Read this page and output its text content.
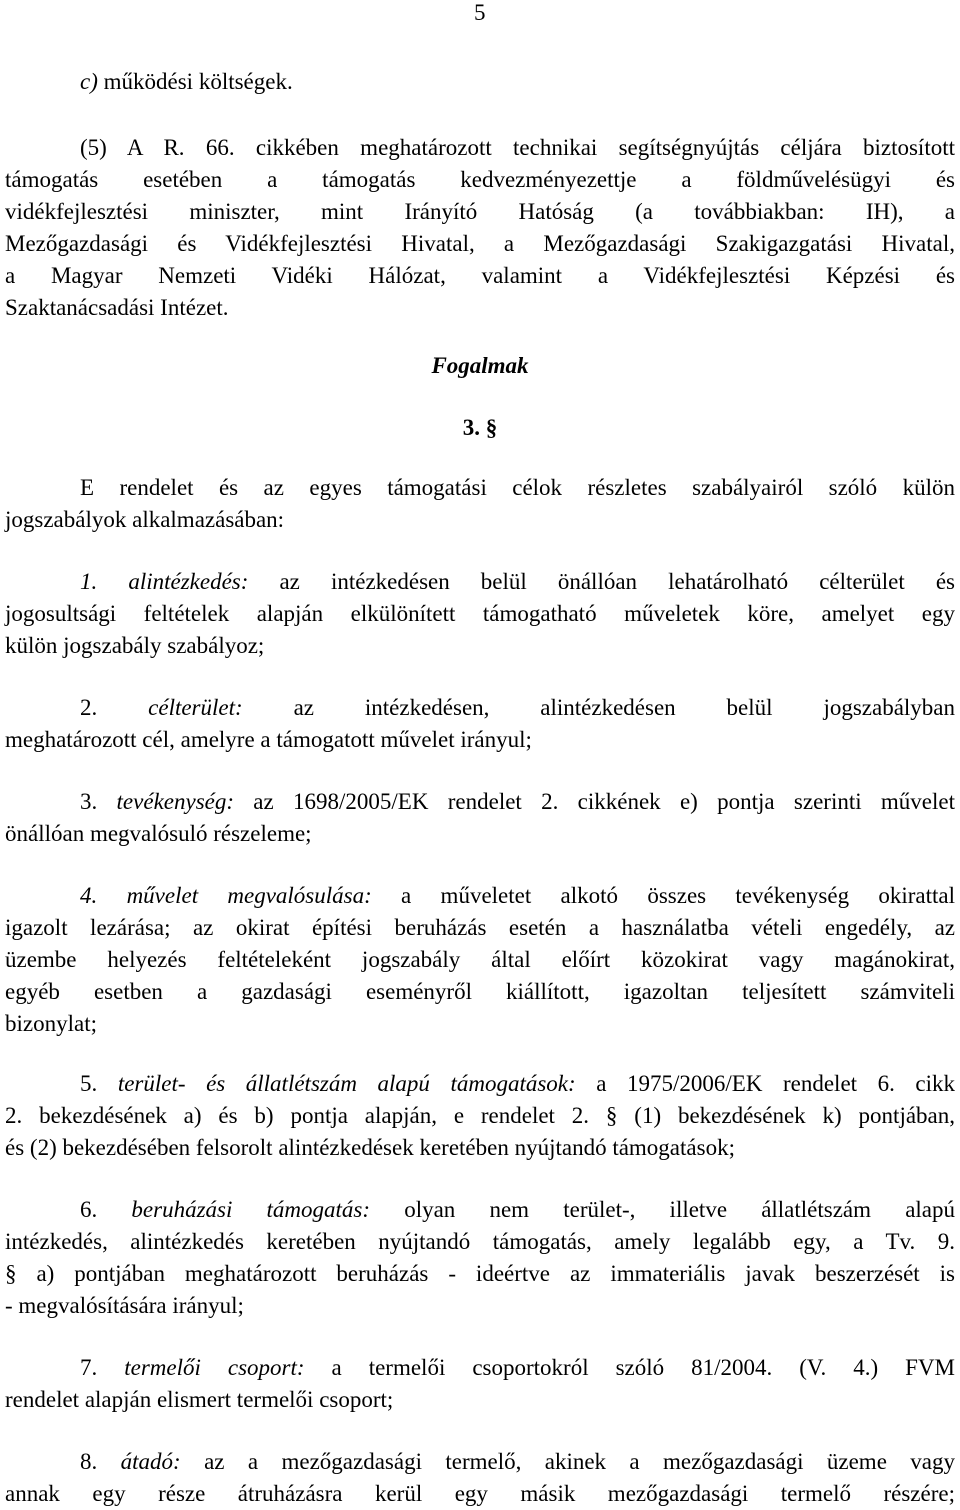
5
c) működési költségek.
(5) A R. 66. cikkében meghatározott technikai segítségnyújtás céljára biztosított
támogatás esetében a támogatás kedvezményezettje a földművelésügyi és
vidékfejlesztési miniszter, mint Irányító Hatóság (a továbbiakban: IH), a
Mezőgazdasági és Vidékfejlesztési Hivatal, a Mezőgazdasági Szakigazgatási Hivatal,
a Magyar Nemzeti Vidéki Hálózat, valamint a Vidékfejlesztési Képzési és
Szaktanácsadási Intézet.
Fogalmak
3. §
E rendelet és az egyes támogatási célok részletes szabályairól szóló külön
jogszabályok alkalmazásában:
1. alintézkedés: az intézkedésen belül önállóan lehatárolható célterület és
jogosultsági feltételek alapján elkülönített támogatható műveletek köre, amelyet egy
külön jogszabály szabályoz;
2. célterület: az intézkedésen, alintézkedésen belül jogszabályban
meghatározott cél, amelyre a támogatott művelet irányul;
3. tevékenység: az 1698/2005/EK rendelet 2. cikkének e) pontja szerinti művelet
önállóan megvalósuló részeleme;
4. művelet megvalósulása: a műveletet alkotó összes tevékenység okirattal
igazolt lezárása; az okirat építési beruházás esetén a használatba vételi engedély, az
üzembe helyezés feltételeként jogszabály által előírt közokirat vagy magánokirat,
egyéb esetben a gazdasági eseményről kiállított, igazoltan teljesített számviteli
bizonylat;
5. terület- és állatlétszám alapú támogatások: a 1975/2006/EK rendelet 6. cikk
2. bekezdésének a) és b) pontja alapján, e rendelet 2. § (1) bekezdésének k) pontjában,
és (2) bekezdésében felsorolt alintézkedések keretében nyújtandó támogatások;
6. beruházási támogatás: olyan nem terület-, illetve állatlétszám alapú
intézkedés, alintézkedés keretében nyújtandó támogatás, amely legalább egy, a Tv. 9.
§ a) pontjában meghatározott beruházás - ideértve az immateriális javak beszerzését is
- megvalósítására irányul;
7. termelői csoport: a termelői csoportokról szóló 81/2004. (V. 4.) FVM
rendelet alapján elismert termelői csoport;
8. átadó: az a mezőgazdasági termelő, akinek a mezőgazdasági üzeme vagy
annak egy része átruházásra kerül egy másik mezőgazdasági termelő részére;
